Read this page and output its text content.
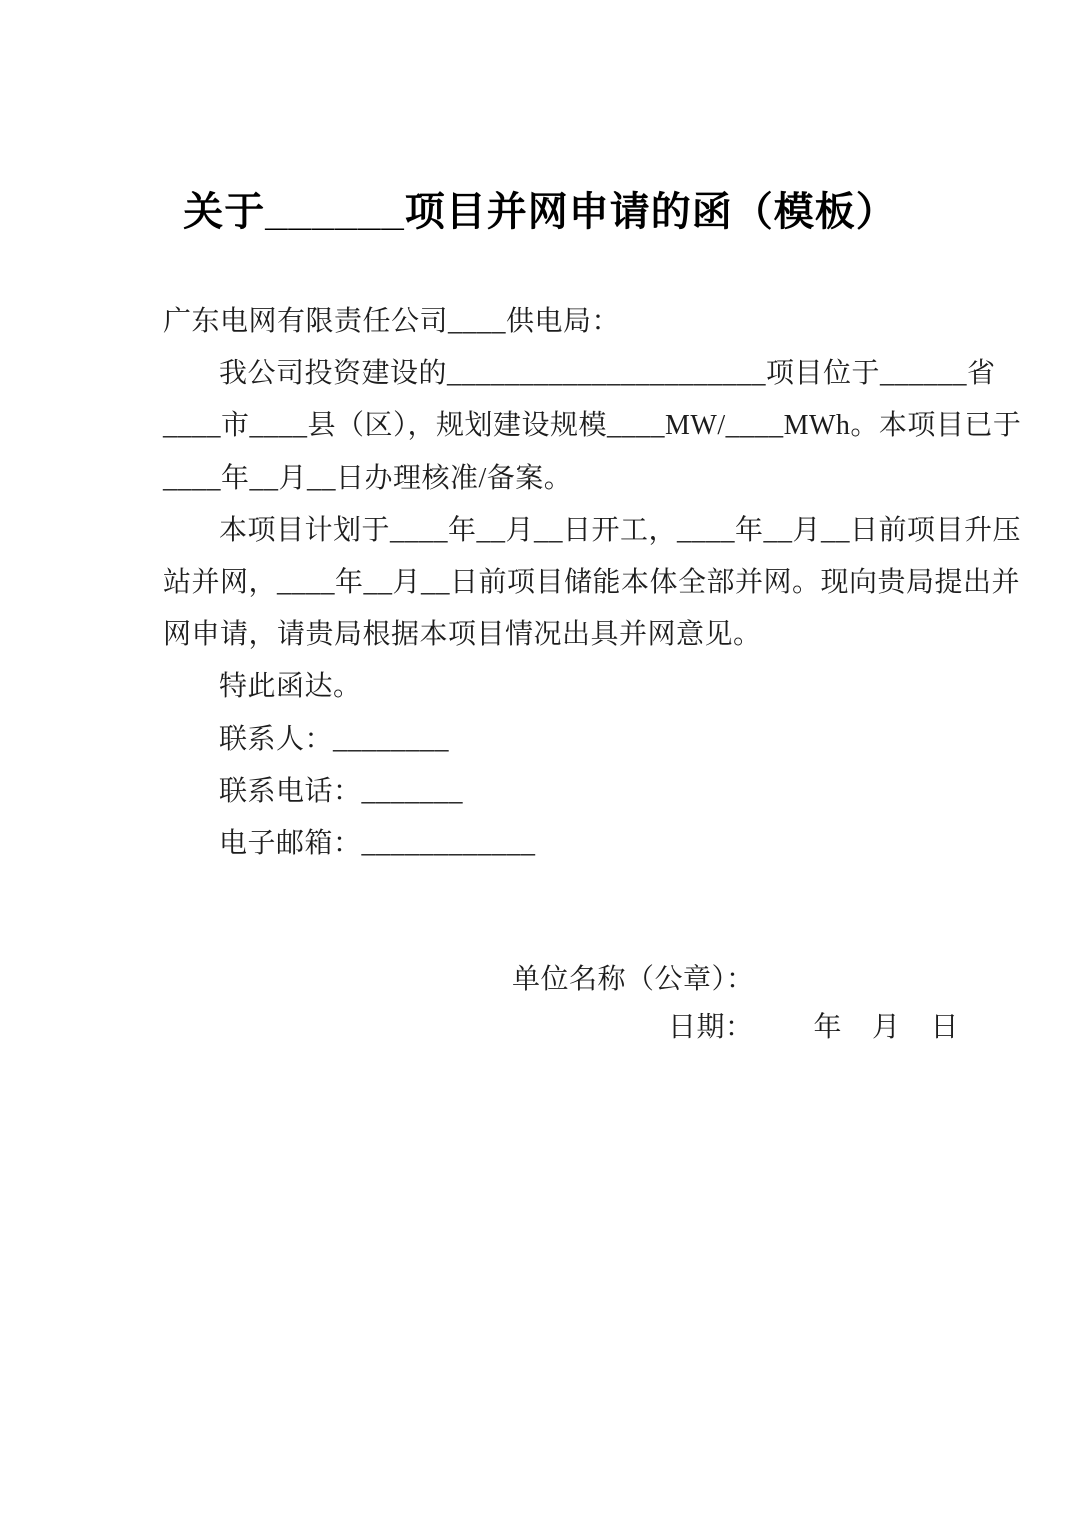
关于______项目并网申请的函（模板）
广东电网有限责任公司____供电局：
我公司投资建设的______________________项目位于______省
____市____县（区），规划建设规模____MW/____MWh。本项目已于
____年__月__日办理核准/备案。
本项目计划于____年__月__日开工，____年__月__日前项目升压
站并网，____年__月__日前项目储能本体全部并网。现向贵局提出并
网申请，请贵局根据本项目情况出具并网意见。
特此函达。
联系人：________
联系电话：_______
电子邮箱：____________
单位名称（公章）：
日期：        年    月    日
